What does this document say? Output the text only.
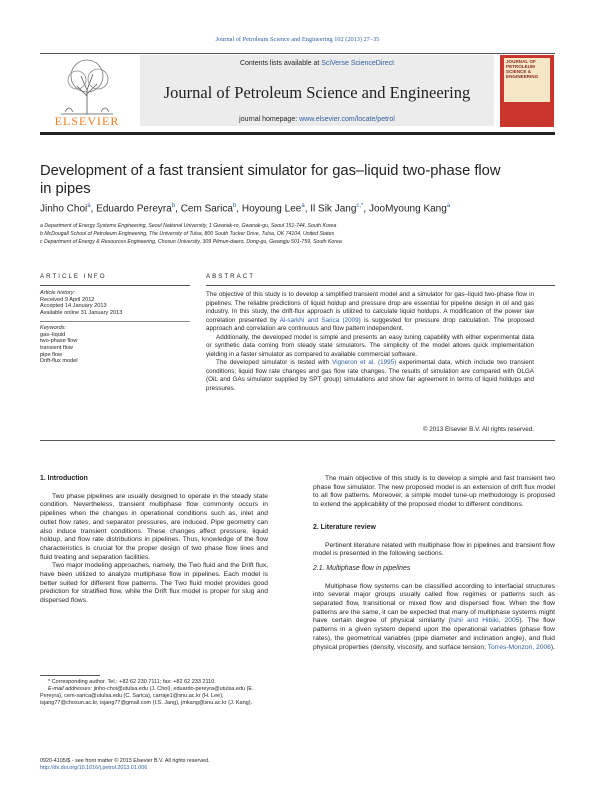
Journal of Petroleum Science and Engineering 102 (2013) 27–35
ELSEVIER
Contents lists available at SciVerse ScienceDirect
Journal of Petroleum Science and Engineering
journal homepage: www.elsevier.com/locate/petrol
JOURNAL OF PETROLEUM SCIENCE & ENGINEERING
Development of a fast transient simulator for gas–liquid two-phase flow in pipes
Jinho Choi$^a$, Eduardo Pereyra$^b$, Cem Sarica$^b$, Hoyoung Lee$^a$, Il Sik Jang$^{c,*}$, JooMyoung Kang$^a$
a Department of Energy Systems Engineering, Seoul National University, 1 Gwanak-ro, Gwanak-gu, Seoul 151-744, South Korea
b McDougall School of Petroleum Engineering, The University of Tulsa, 800 South Tucker Drive, Tulsa, OK 74104, United States
c Department of Energy & Resources Engineering, Chosun University, 309 Pilmun-daero, Dong-gu, Gwangju 501-759, South Korea
ARTICLE INFO	ABSTRACT
Article history:
Received 9 April 2012
Accepted 14 January 2013
Available online 31 January 2013
Keywords:
gas–liquid
two-phase flow
transient flow
pipe flow
Drift-flux model

The objective of this study is to develop a simplified transient model and a simulator for gas–liquid two-phase flow in pipelines. The reliable predictions of liquid holdup and pressure drop are essential for pipeline design in oil and gas industry. In this study, the drift-flux approach is utilized to calculate liquid holdups. A modification of the power law correlation presented by Al-sarkhi and Sarica (2009) is suggested for pressure drop calculation. The proposed approach and correlation are continuous and flow pattern independent.

Additionally, the developed model is simple and presents an easy tuning capability with either experimental data or synthetic data coming from steady state simulators. The simplicity of the model allows quick implementation yielding in a faster simulator as compared to available commercial software.

The developed simulator is tested with Vigneron et al. (1995) experimental data, which include two transient conditions; liquid flow rate changes and gas flow rate changes. The results of simulation are compared with OLGA (OiL and GAs simulator supplied by SPT group) simulations and show fair agreement in terms of liquid holdups and pressures.

© 2013 Elsevier B.V. All rights reserved.
1. Introduction

Two phase pipelines are usually designed to operate in the steady state condition. Nevertheless, transient multiphase flow commonly occurs in pipelines when the changes in operational conditions such as, inlet and outlet flow rates, and separator pressures, are induced. Pipe geometry can also induce transient conditions. These changes affect pressure, liquid holdup, and flow rate distributions in pipelines. Thus, knowledge of the flow characteristics is crucial for the proper design of two phase flow lines and fluid treating and separation facilities.

Two major modeling approaches, namely, the Two fluid and the Drift flux, have been utilized to analyze multiphase flow in pipelines. Each model is better suited for different flow patterns. The Two fluid model provides good prediction for stratified flow, while the Drift flux model is proper for slug and dispersed flows.

The main objective of this study is to develop a simple and fast transient two phase flow simulator. The new proposed model is an extension of drift flux model to all flow patterns. Moreover, a simple model tune-up methodology is proposed to extend the applicability of the proposed model to different conditions.

2. Literature review

Pertinent literature related with multiphase flow in pipelines and transient flow model is presented in the following sections.

2.1. Multiphase flow in pipelines

Multiphase flow systems can be classified according to interfacial structures into several major groups usually called flow regimes or patterns such as separated flow, transitional or mixed flow and dispersed flow. When the flow patterns are the same, it can be expected that many of multiphase systems might have certain degree of physical similarity (Ishii and Hibiki, 2005). The flow patterns in a given system depend upon the operational variables (phase flow rates), the geometrical variables (pipe diameter and inclination angle), and fluid physical properties (density, viscosity, and surface tension; Torres-Monzon, 2006).

* Corresponding author. Tel.: +82 62 230 7111; fax: +82 62 233 2110.
E-mail addresses: jinho-choi@utulsa.edu (J. Choi), eduardo-pereyra@utulsa.edu (E. Pereyra), cem-sarica@utulsa.edu (C. Sarica), carraje1@snu.ac.kr (H. Lee), isjang77@chosun.ac.kr, isjang77@gmail.com (I.S. Jang), jmkang@snu.ac.kr (J. Kang).
0920-4105/$ - see front matter © 2013 Elsevier B.V. All rights reserved.
http://dx.doi.org/10.1016/j.petrol.2013.01.006
